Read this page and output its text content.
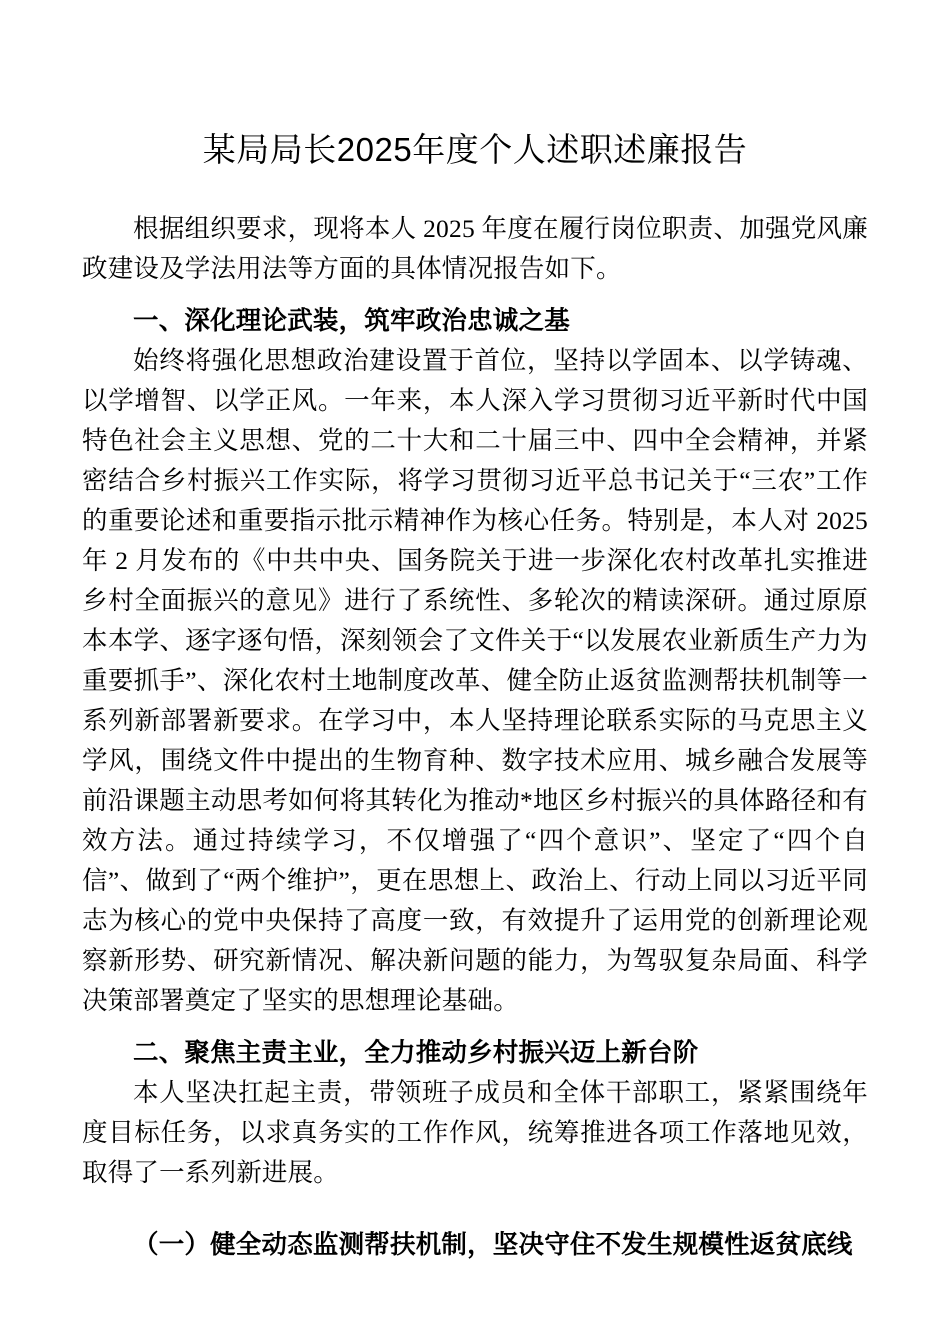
某局局长2025年度个人述职述廉报告

根据组织要求，现将本人 2025 年度在履行岗位职责、加强党风廉政建设及学法用法等方面的具体情况报告如下。

一、深化理论武装，筑牢政治忠诚之基

始终将强化思想政治建设置于首位，坚持以学固本、以学铸魂、以学增智、以学正风。一年来，本人深入学习贯彻习近平新时代中国特色社会主义思想、党的二十大和二十届三中、四中全会精神，并紧密结合乡村振兴工作实际，将学习贯彻习近平总书记关于“三农”工作的重要论述和重要指示批示精神作为核心任务。特别是，本人对 2025 年 2 月发布的《中共中央、国务院关于进一步深化农村改革扎实推进乡村全面振兴的意见》进行了系统性、多轮次的精读深研。通过原原本本学、逐字逐句悟，深刻领会了文件关于“以发展农业新质生产力为重要抓手”、深化农村土地制度改革、健全防止返贫监测帮扶机制等一系列新部署新要求。在学习中，本人坚持理论联系实际的马克思主义学风，围绕文件中提出的生物育种、数字技术应用、城乡融合发展等前沿课题主动思考如何将其转化为推动*地区乡村振兴的具体路径和有效方法。通过持续学习，不仅增强了“四个意识”、坚定了“四个自信”、做到了“两个维护”，更在思想上、政治上、行动上同以习近平同志为核心的党中央保持了高度一致，有效提升了运用党的创新理论观察新形势、研究新情况、解决新问题的能力，为驾驭复杂局面、科学决策部署奠定了坚实的思想理论基础。

二、聚焦主责主业，全力推动乡村振兴迈上新台阶

本人坚决扛起主责，带领班子成员和全体干部职工，紧紧围绕年度目标任务，以求真务实的工作作风，统筹推进各项工作落地见效，取得了一系列新进展。

（一）健全动态监测帮扶机制，坚决守住不发生规模性返贫底线
